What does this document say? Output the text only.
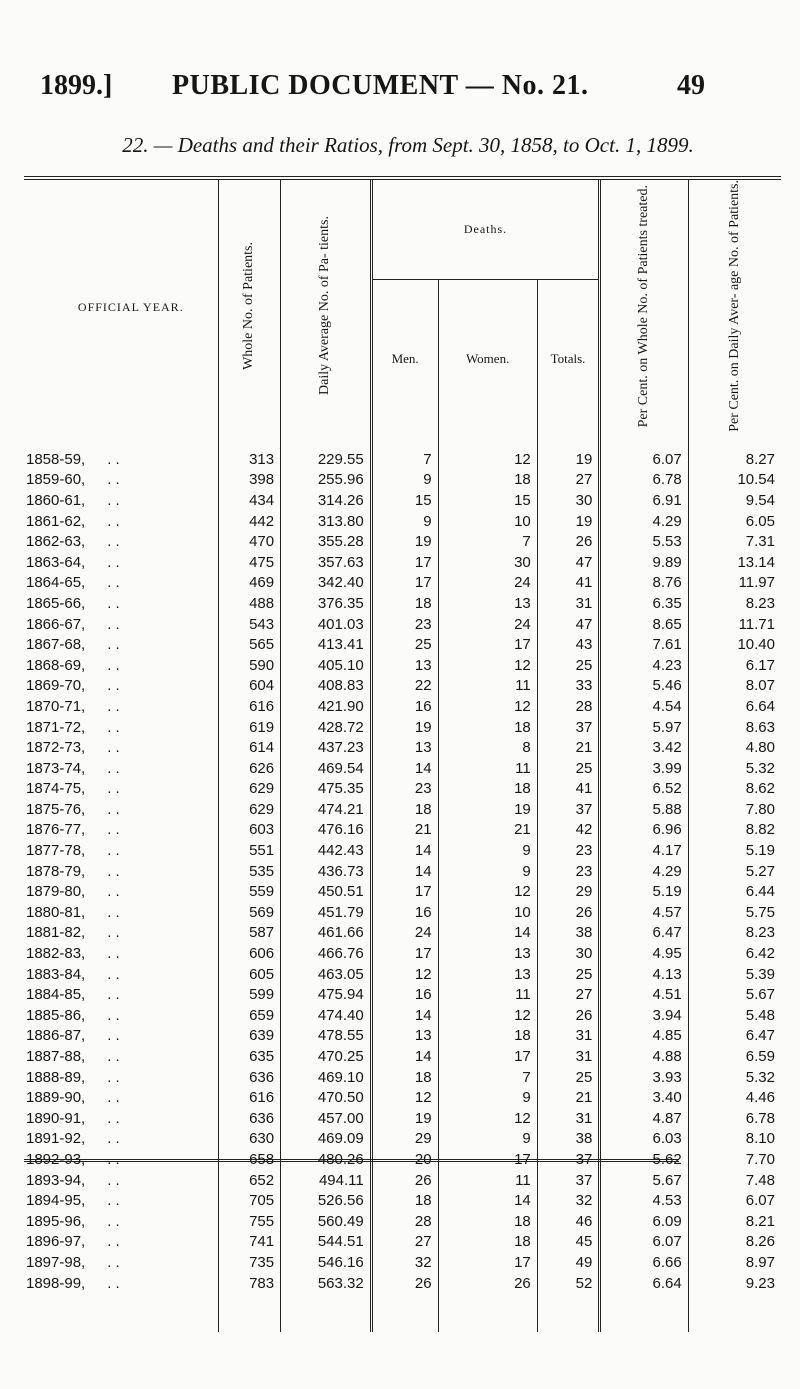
1899.] PUBLIC DOCUMENT — No. 21.	49
22. — Deaths and their Ratios, from Sept. 30, 1858, to Oct. 1, 1899.
OFFICIAL YEAR.	Whole No. of Patients.	Daily Average No. of Pa- tients.	Deaths.			Per Cent. on Whole No. of Patients treated.	Per Cent. on Daily Aver- age No. of Patients.
			Men.	Women.	Totals.		
1858-59, . .	313	229.55	7	12	19	6.07	8.27
1859-60, . .	398	255.96	9	18	27	6.78	10.54
1860-61, . .	434	314.26	15	15	30	6.91	9.54
1861-62, . .	442	313.80	9	10	19	4.29	6.05
1862-63, . .	470	355.28	19	7	26	5.53	7.31
1863-64, . .	475	357.63	17	30	47	9.89	13.14
1864-65, . .	469	342.40	17	24	41	8.76	11.97
1865-66, . .	488	376.35	18	13	31	6.35	8.23
1866-67, . .	543	401.03	23	24	47	8.65	11.71
1867-68, . .	565	413.41	25	17	43	7.61	10.40
1868-69, . .	590	405.10	13	12	25	4.23	6.17
1869-70, . .	604	408.83	22	11	33	5.46	8.07
1870-71, . .	616	421.90	16	12	28	4.54	6.64
1871-72, . .	619	428.72	19	18	37	5.97	8.63
1872-73, . .	614	437.23	13	8	21	3.42	4.80
1873-74, . .	626	469.54	14	11	25	3.99	5.32
1874-75, . .	629	475.35	23	18	41	6.52	8.62
1875-76, . .	629	474.21	18	19	37	5.88	7.80
1876-77, . .	603	476.16	21	21	42	6.96	8.82
1877-78, . .	551	442.43	14	9	23	4.17	5.19
1878-79, . .	535	436.73	14	9	23	4.29	5.27
1879-80, . .	559	450.51	17	12	29	5.19	6.44
1880-81, . .	569	451.79	16	10	26	4.57	5.75
1881-82, . .	587	461.66	24	14	38	6.47	8.23
1882-83, . .	606	466.76	17	13	30	4.95	6.42
1883-84, . .	605	463.05	12	13	25	4.13	5.39
1884-85, . .	599	475.94	16	11	27	4.51	5.67
1885-86, . .	659	474.40	14	12	26	3.94	5.48
1886-87, . .	639	478.55	13	18	31	4.85	6.47
1887-88, . .	635	470.25	14	17	31	4.88	6.59
1888-89, . .	636	469.10	18	7	25	3.93	5.32
1889-90, . .	616	470.50	12	9	21	3.40	4.46
1890-91, . .	636	457.00	19	12	31	4.87	6.78
1891-92, . .	630	469.09	29	9	38	6.03	8.10
1892-93, . .	658	480.26	20	17	37	5.62	7.70
1893-94, . .	652	494.11	26	11	37	5.67	7.48
1894-95, . .	705	526.56	18	14	32	4.53	6.07
1895-96, . .	755	560.49	28	18	46	6.09	8.21
1896-97, . .	741	544.51	27	18	45	6.07	8.26
1897-98, . .	735	546.16	32	17	49	6.66	8.97
1898-99, . .	783	563.32	26	26	52	6.64	9.23
